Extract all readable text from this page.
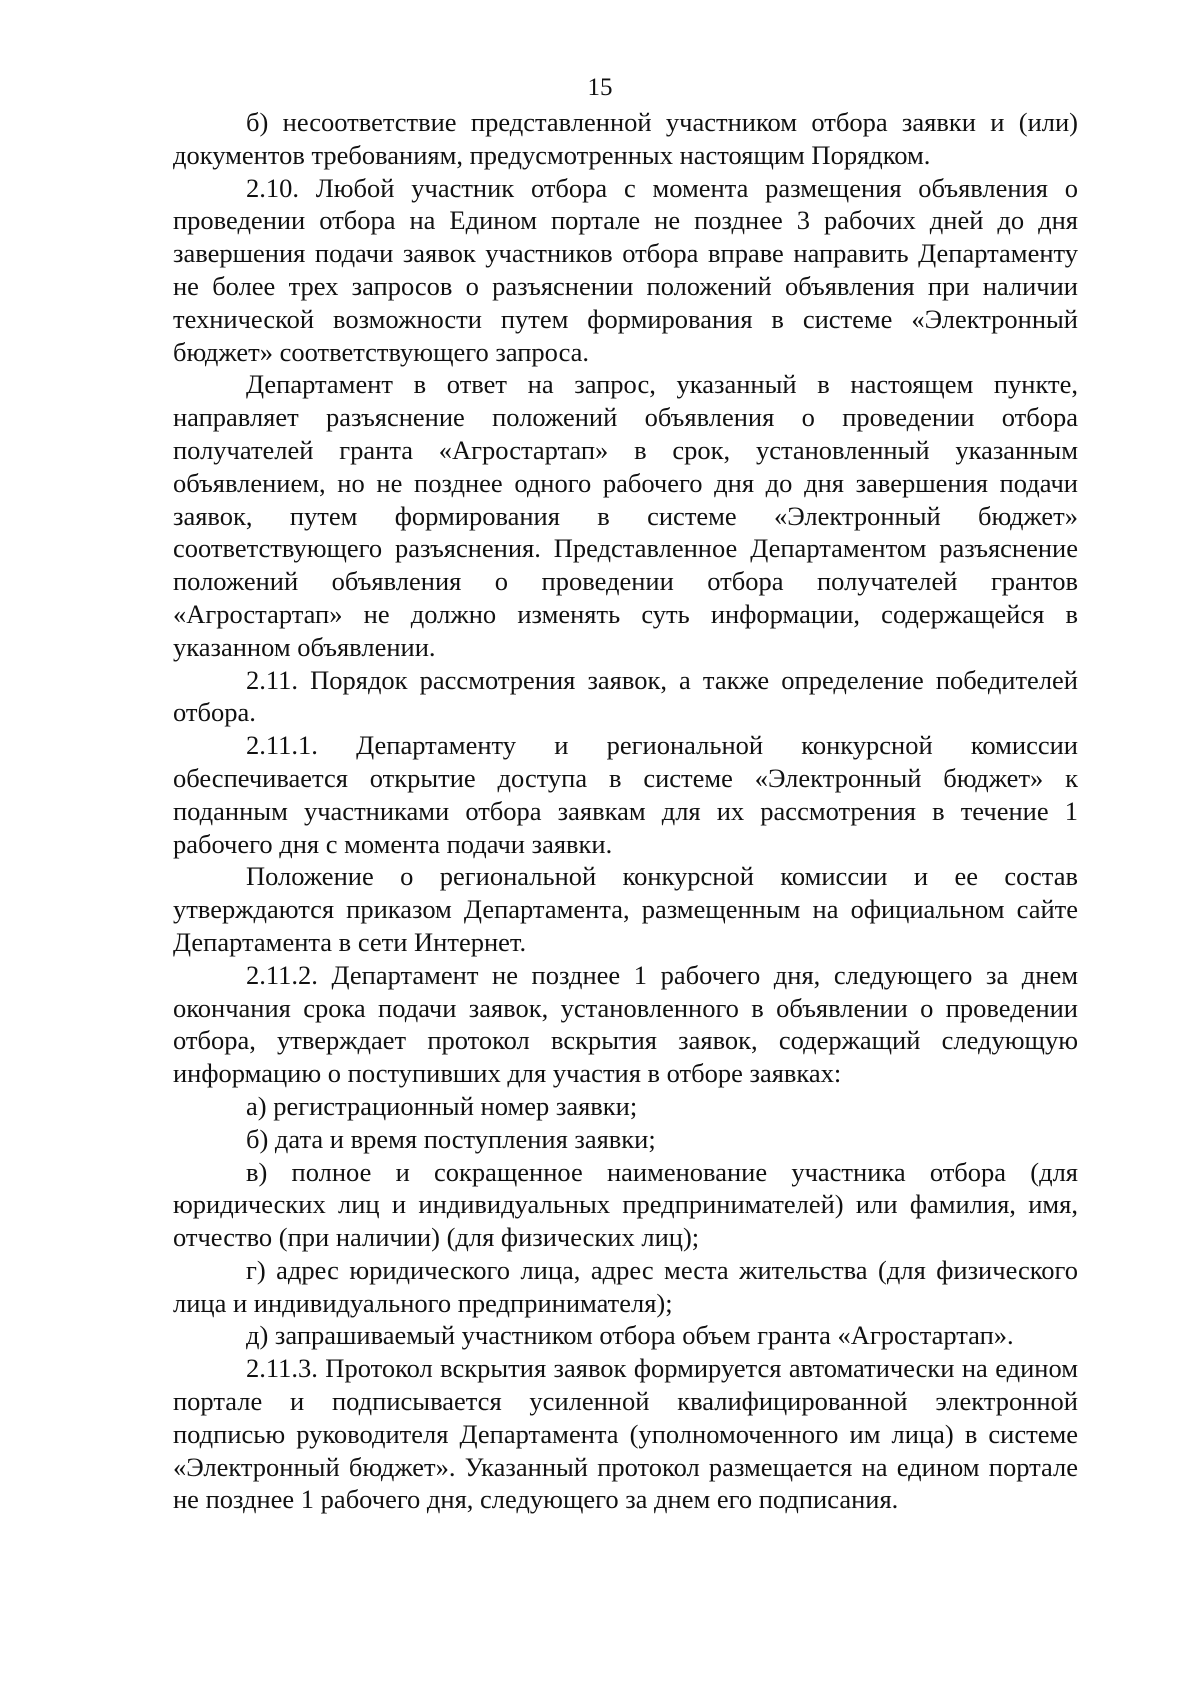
15

б) несоответствие представленной участником отбора заявки и (или) документов требованиям, предусмотренных настоящим Порядком.

2.10. Любой участник отбора с момента размещения объявления о проведении отбора на Едином портале не позднее 3 рабочих дней до дня завершения подачи заявок участников отбора вправе направить Департаменту не более трех запросов о разъяснении положений объявления при наличии технической возможности путем формирования в системе «Электронный бюджет» соответствующего запроса.

Департамент в ответ на запрос, указанный в настоящем пункте, направляет разъяснение положений объявления о проведении отбора получателей гранта «Агростартап» в срок, установленный указанным объявлением, но не позднее одного рабочего дня до дня завершения подачи заявок, путем формирования в системе «Электронный бюджет» соответствующего разъяснения. Представленное Департаментом разъяснение положений объявления о проведении отбора получателей грантов «Агростартап» не должно изменять суть информации, содержащейся в указанном объявлении.

2.11. Порядок рассмотрения заявок, а также определение победителей отбора.

2.11.1. Департаменту и региональной конкурсной комиссии обеспечивается открытие доступа в системе «Электронный бюджет» к поданным участниками отбора заявкам для их рассмотрения в течение 1 рабочего дня с момента подачи заявки.

Положение о региональной конкурсной комиссии и ее состав утверждаются приказом Департамента, размещенным на официальном сайте Департамента в сети Интернет.

2.11.2. Департамент не позднее 1 рабочего дня, следующего за днем окончания срока подачи заявок, установленного в объявлении о проведении отбора, утверждает протокол вскрытия заявок, содержащий следующую информацию о поступивших для участия в отборе заявках:

а) регистрационный номер заявки;

б) дата и время поступления заявки;

в) полное и сокращенное наименование участника отбора (для юридических лиц и индивидуальных предпринимателей) или фамилия, имя, отчество (при наличии) (для физических лиц);

г) адрес юридического лица, адрес места жительства (для физического лица и индивидуального предпринимателя);

д) запрашиваемый участником отбора объем гранта «Агростартап».

2.11.3. Протокол вскрытия заявок формируется автоматически на едином портале и подписывается усиленной квалифицированной электронной подписью руководителя Департамента (уполномоченного им лица) в системе «Электронный бюджет». Указанный протокол размещается на едином портале не позднее 1 рабочего дня, следующего за днем его подписания.
